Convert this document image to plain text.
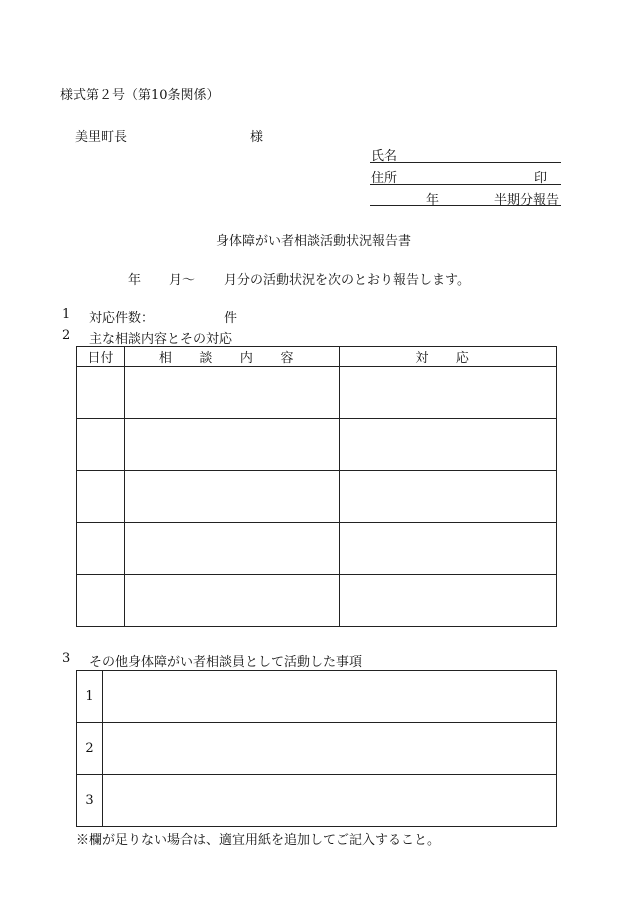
様式第２号（第10条関係）
美里町長	様
氏名
住所	印
年	半期分報告
身体障がい者相談活動状況報告書
年 月～ 月分の活動状況を次のとおり報告します。
1 対応件数：	件
2 主な相談内容とその対応
日付	相 談 内 容	対 応

3 その他身体障がい者相談員として活動した事項
1	
2	
3	
※欄が足りない場合は、適宜用紙を追加してご記入すること。
